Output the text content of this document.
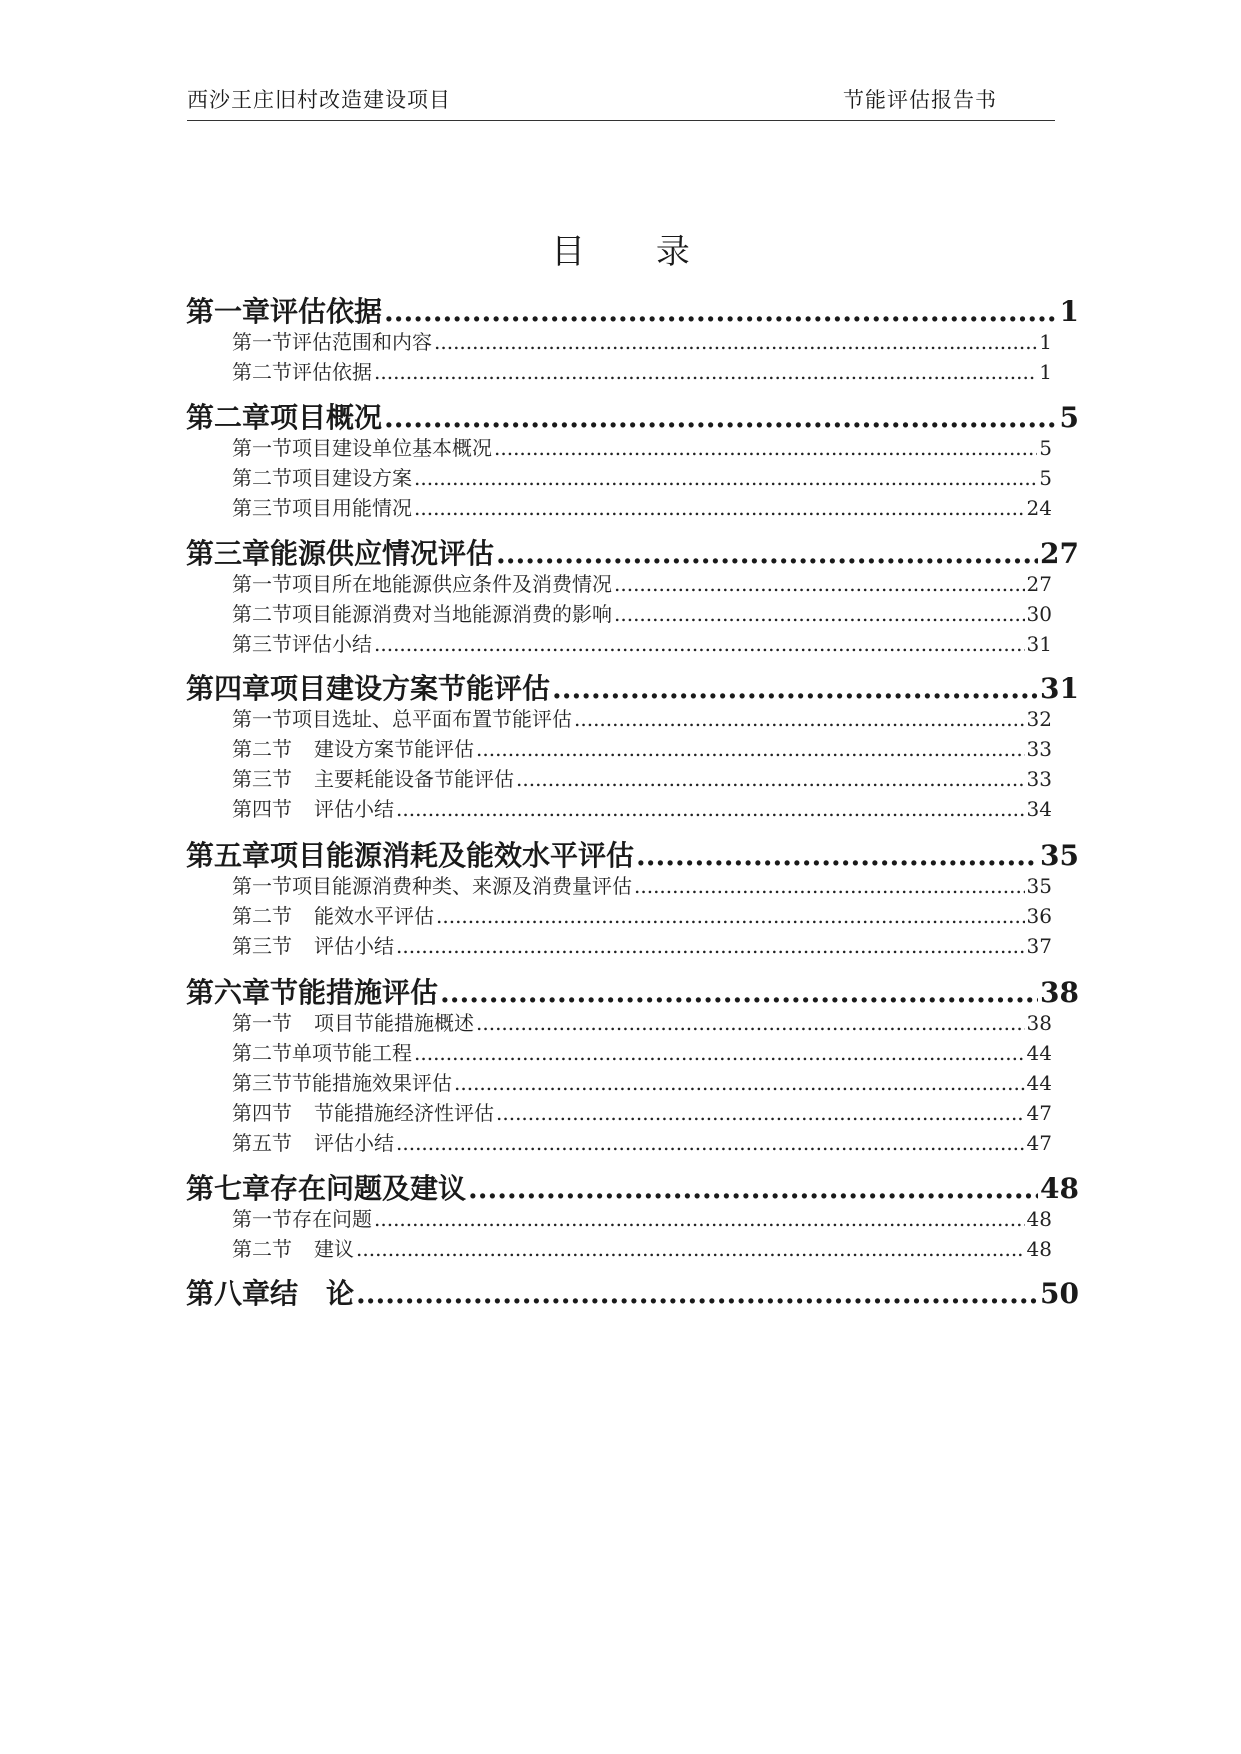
西沙王庄旧村改造建设项目	节能评估报告书
目 录
第一章 评估依据 .....	1
第一节 评估范围和内容 .....	1
第二节 评估依据 .....	1
第二章 项目概况 .....	5
第一节 项目建设单位基本概况 .....	5
第二节 项目建设方案 .....	5
第三节 项目用能情况 .....	24
第三章 能源供应情况评估 .....	27
第一节 项目所在地能源供应条件及消费情况 .....	27
第二节 项目能源消费对当地能源消费的影响 .....	30
第三节 评估小结 .....	31
第四章 项目建设方案节能评估 .....	31
第一节 项目选址、总平面布置节能评估 .....	32
第二节 建设方案节能评估 .....	33
第三节 主要耗能设备节能评估 .....	33
第四节 评估小结 .....	34
第五章 项目能源消耗及能效水平评估 .....	35
第一节 项目能源消费种类、来源及消费量评估 .....	35
第二节 能效水平评估 .....	36
第三节 评估小结 .....	37
第六章 节能措施评估 .....	38
第一节 项目节能措施概述 .....	38
第二节 单项节能工程 .....	44
第三节 节能措施效果评估 .....	44
第四节 节能措施经济性评估 .....	47
第五节 评估小结 .....	47
第七章 存在问题及建议 .....	48
第一节 存在问题 .....	48
第二节 建议 .....	48
第八章 结　论 .....	50
